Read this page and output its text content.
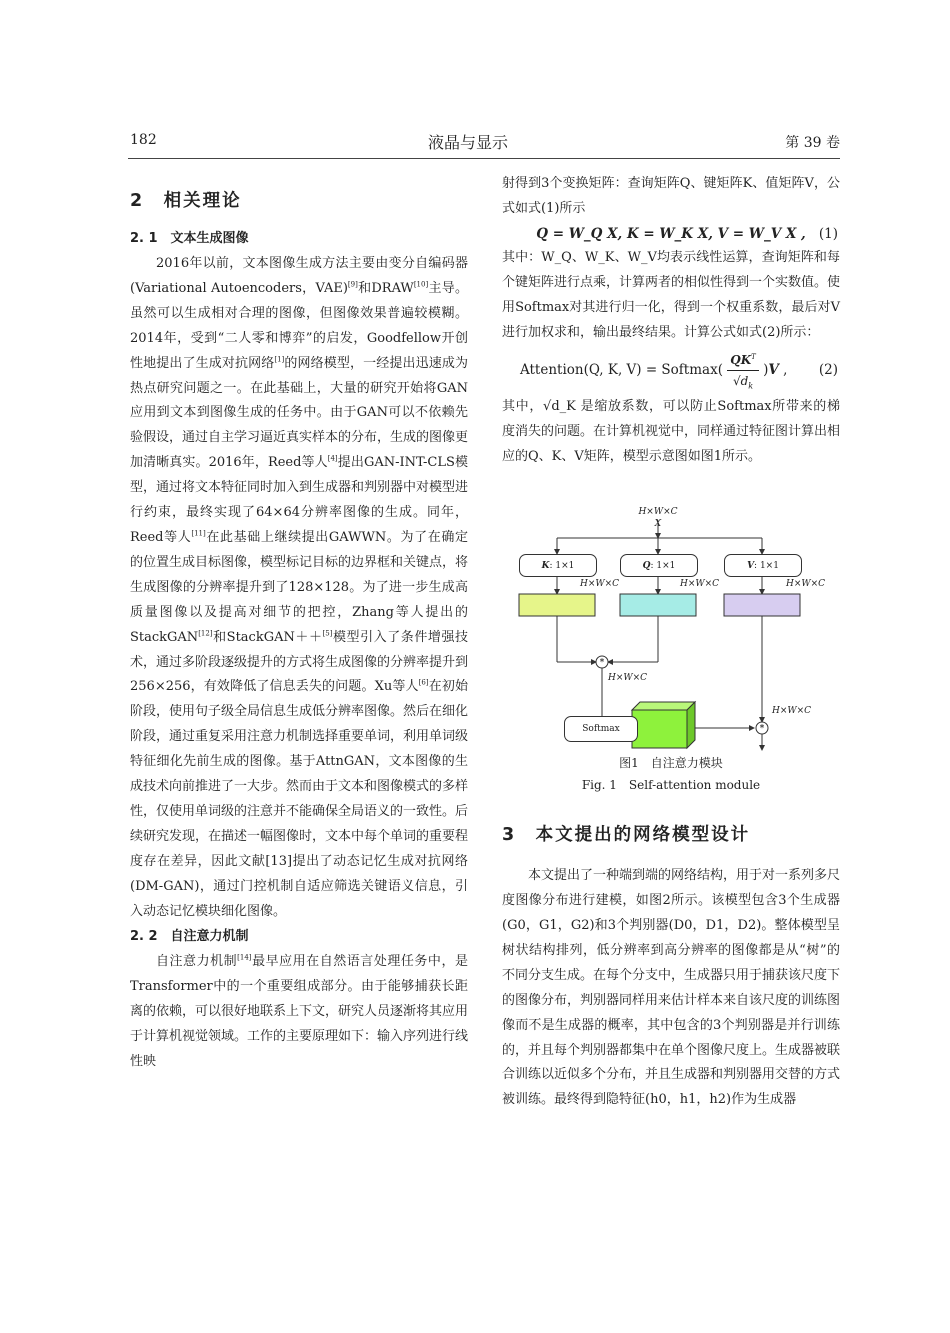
182	液晶与显示	第 39 卷
2　相关理论
2. 1　文本生成图像

2016年以前，文本图像生成方法主要由变分自编码器(Variational Autoencoders，VAE)[9]和DRAW[10]主导。虽然可以生成相对合理的图像，但图像效果普遍较模糊。2014年，受到“二人零和博弈”的启发，Goodfellow开创性地提出了生成对抗网络[1]的网络模型，一经提出迅速成为热点研究问题之一。在此基础上，大量的研究开始将GAN应用到文本到图像生成的任务中。由于GAN可以不依赖先验假设，通过自主学习逼近真实样本的分布，生成的图像更加清晰真实。2016年，Reed等人[4]提出GAN-INT-CLS模型，通过将文本特征同时加入到生成器和判别器中对模型进行约束，最终实现了64×64分辨率图像的生成。同年，Reed等人[11]在此基础上继续提出GAWWN。为了在确定的位置生成目标图像，模型标记目标的边界框和关键点，将生成图像的分辨率提升到了128×128。为了进一步生成高质量图像以及提高对细节的把控，Zhang等人提出的StackGAN[12]和StackGAN＋＋[5]模型引入了条件增强技术，通过多阶段逐级提升的方式将生成图像的分辨率提升到256×256，有效降低了信息丢失的问题。Xu等人[6]在初始阶段，使用句子级全局信息生成低分辨率图像。然后在细化阶段，通过重复采用注意力机制选择重要单词，利用单词级特征细化先前生成的图像。基于AttnGAN，文本图像的生成技术向前推进了一大步。然而由于文本和图像模式的多样性，仅使用单词级的注意并不能确保全局语义的一致性。后续研究发现，在描述一幅图像时，文本中每个单词的重要程度存在差异，因此文献[13]提出了动态记忆生成对抗网络(DM-GAN)，通过门控机制自适应筛选关键语义信息，引入动态记忆模块细化图像。

2. 2　自注意力机制

自注意力机制[14]最早应用在自然语言处理任务中，是Transformer中的一个重要组成部分。由于能够捕获长距离的依赖，可以很好地联系上下文，研究人员逐渐将其应用于计算机视觉领域。工作的主要原理如下：输入序列进行线性映

射得到3个变换矩阵：查询矩阵Q、键矩阵K、值矩阵V，公式如式(1)所示

Q = W_Q X, K = W_K X, V = W_V X , (1)

其中：W_Q、W_K、W_V均表示线性运算，查询矩阵和每个键矩阵进行点乘，计算两者的相似性得到一个实数值。使用Softmax对其进行归一化，得到一个权重系数，最后对V进行加权求和，输出最终结果。计算公式如式(2)所示：

Attention(Q, K, V) = Softmax(
$QK^T$
$√d_k$
)V , (2)

其中，√d_K 是缩放系数，可以防止Softmax所带来的梯度消失的问题。在计算机视觉中，同样通过特征图计算出相应的Q、K、V矩阵，模型示意图如图1所示。

H×W×C
X
H×W×C	H×W×C	H×W×C
H×W×C
H×W×C
*
*
K: 1×1	Q: 1×1	V: 1×1
Softmax

图1　自注意力模块

Fig. 1　Self-attention module

3　本文提出的网络模型设计

本文提出了一种端到端的网络结构，用于对一系列多尺度图像分布进行建模，如图2所示。该模型包含3个生成器(G0，G1，G2)和3个判别器(D0，D1，D2)。整体模型呈树状结构排列，低分辨率到高分辨率的图像都是从“树”的不同分支生成。在每个分支中，生成器只用于捕获该尺度下的图像分布，判别器同样用来估计样本来自该尺度的训练图像而不是生成器的概率，其中包含的3个判别器是并行训练的，并且每个判别器都集中在单个图像尺度上。生成器被联合训练以近似多个分布，并且生成器和判别器用交替的方式被训练。最终得到隐特征(h0，h1，h2)作为生成器
